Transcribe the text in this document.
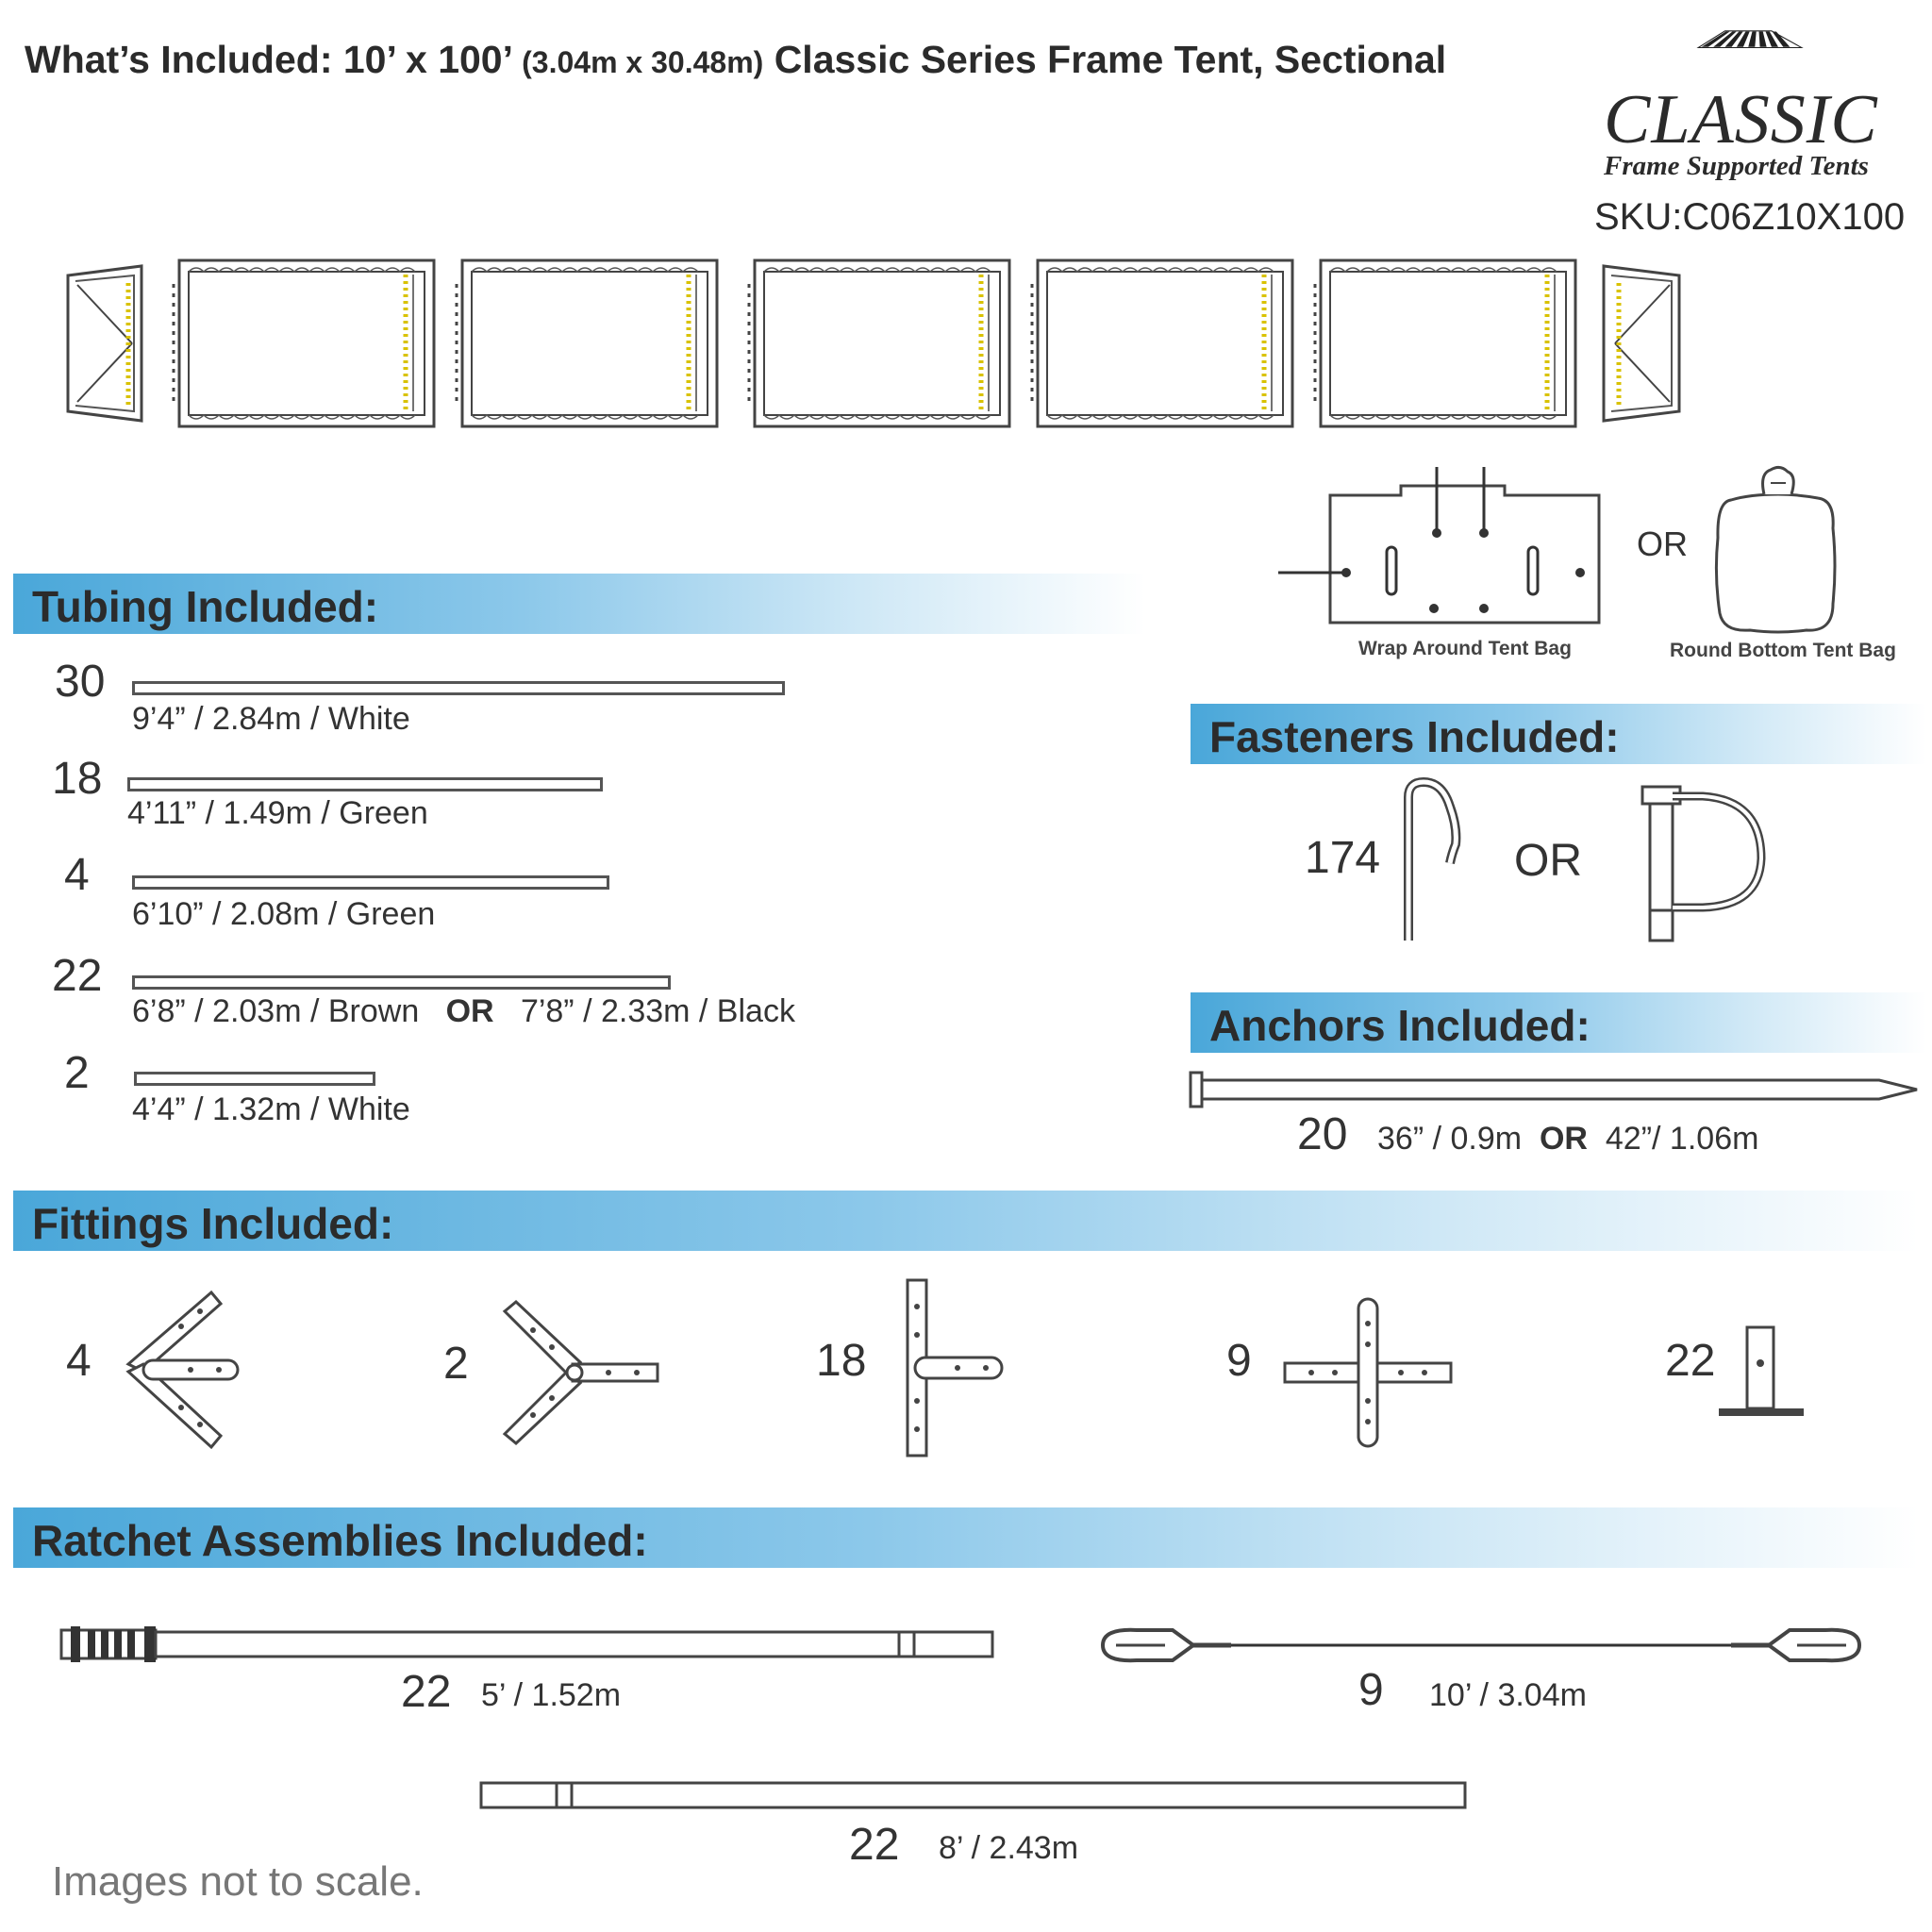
What’s Included: 10’ x 100’ (3.04m x 30.48m) Classic Series Frame Tent, Sectional
CLASSIC
Frame Supported Tents
SKU:C06Z10X100
Wrap Around Tent Bag
OR
Round Bottom Tent Bag
Tubing Included:
30
9’4” / 2.84m / White
18
4’11” / 1.49m / Green
4
6’10” / 2.08m / Green
22
6’8” / 2.03m / Brown OR 7’8” / 2.33m / Black
2
4’4” / 1.32m / White
Fasteners Included:
174	OR
Anchors Included:
20 36” / 0.9m OR 42”/ 1.06m
Fittings Included:
4	2	18	9	22
Ratchet Assemblies Included:
22 5’ / 1.52m	9 10’ / 3.04m
22 8’ / 2.43m
Images not to scale.
